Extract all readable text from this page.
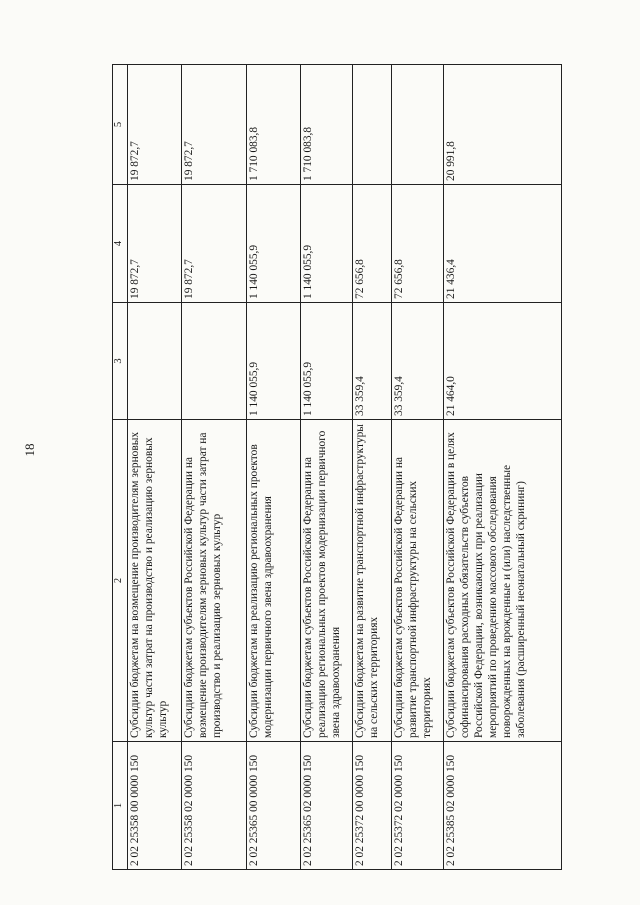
18
1	2	3	4	5
2 02 25358 00 0000 150	Субсидии бюджетам на возмещение производителям зерновых культур части затрат на производство и реализацию зерновых культур		19 872,7	19 872,7
2 02 25358 02 0000 150	Субсидии бюджетам субъектов Российской Федерации на возмещение производителям зерновых культур части затрат на производство и реализацию зерновых культур		19 872,7	19 872,7
2 02 25365 00 0000 150	Субсидии бюджетам на реализацию региональных проектов модернизации первичного звена здравоохранения	1 140 055,9	1 140 055,9	1 710 083,8
2 02 25365 02 0000 150	Субсидии бюджетам субъектов Российской Федерации на реализацию региональных проектов модернизации первичного звена здравоохранения	1 140 055,9	1 140 055,9	1 710 083,8
2 02 25372 00 0000 150	Субсидии бюджетам на развитие транспортной инфраструктуры на сельских территориях	33 359,4	72 656,8	
2 02 25372 02 0000 150	Субсидии бюджетам субъектов Российской Федерации на развитие транспортной инфраструктуры на сельских территориях	33 359,4	72 656,8	
2 02 25385 02 0000 150	Субсидии бюджетам субъектов Российской Федерации в целях софинансирования расходных обязательств субъектов Российской Федерации, возникающих при реализации мероприятий по проведению массового обследования новорожденных на врожденные и (или) наследственные заболевания (расширенный неонатальный скрининг)	21 464,0	21 436,4	20 991,8
